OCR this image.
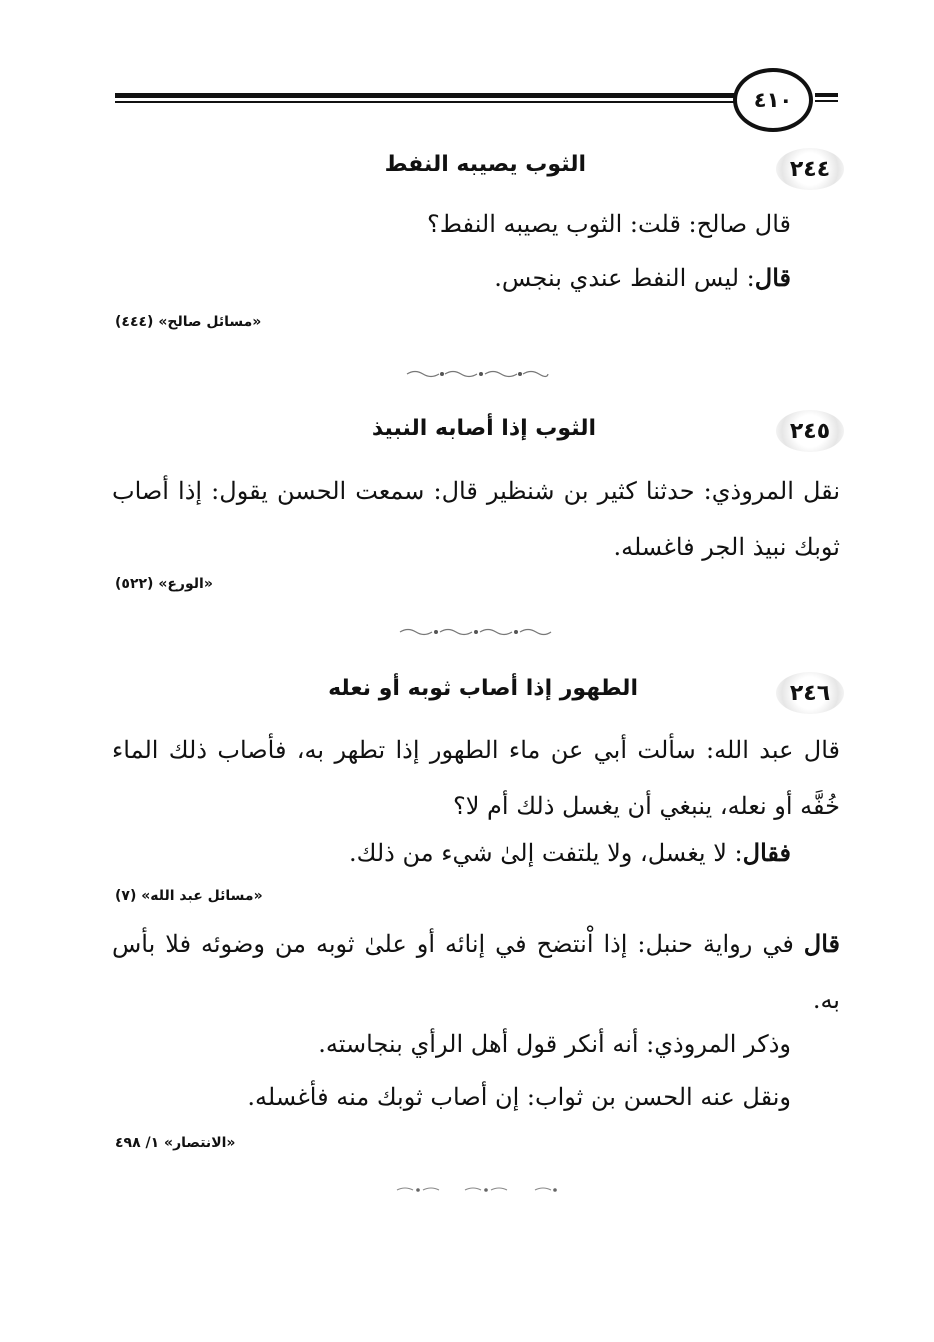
٤١٠
٢٤٤
الثوب يصيبه النفط
قال صالح: قلت: الثوب يصيبه النفط؟
قال: ليس النفط عندي بنجس.
«مسائل صالح» (٤٤٤)
٢٤٥
الثوب إذا أصابه النبيذ
نقل المروذي: حدثنا كثير بن شنظير قال: سمعت الحسن يقول: إذا أصاب ثوبك نبيذ الجر فاغسله.
«الورع» (٥٢٢)
٢٤٦
الطهور إذا أصاب ثوبه أو نعله
قال عبد الله: سألت أبي عن ماء الطهور إذا تطهر به، فأصاب ذلك الماء خُفَّه أو نعله، ينبغي أن يغسل ذلك أم لا؟
فقال: لا يغسل، ولا يلتفت إلىٰ شيء من ذلك.
«مسائل عبد الله» (٧)
قال في رواية حنبل: إذا اْنتضح في إنائه أو علىٰ ثوبه من وضوئه فلا بأس به.
وذكر المروذي: أنه أنكر قول أهل الرأي بنجاسته.
ونقل عنه الحسن بن ثواب: إن أصاب ثوبك منه فأغسله.
«الانتصار» ١/ ٤٩٨
